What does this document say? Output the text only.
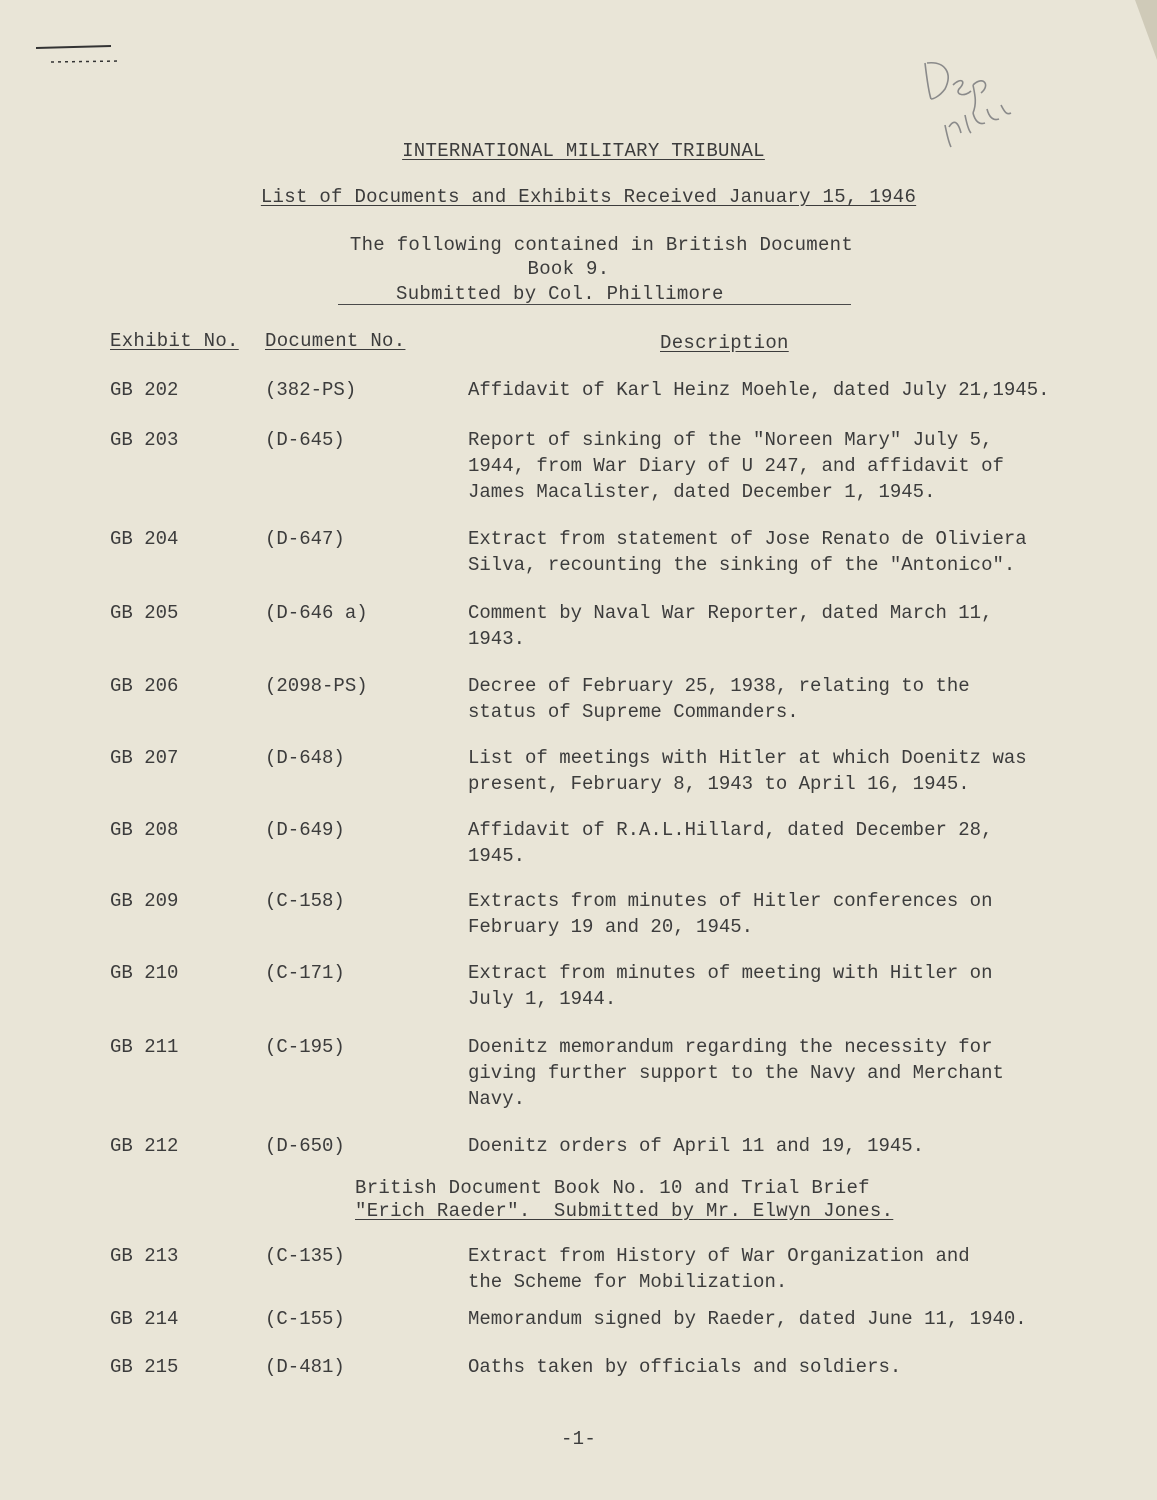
INTERNATIONAL MILITARY TRIBUNAL
List of Documents and Exhibits Received January 15, 1946
The following contained in British Document
Book 9.
Submitted by Col. Phillimore
Exhibit No. Document No.	Description
GB 202	(382-PS)	Affidavit of Karl Heinz Moehle, dated July 21,1945.
GB 203	(D-645)	Report of sinking of the "Noreen Mary" July 5,
1944, from War Diary of U 247, and affidavit of
James Macalister, dated December 1, 1945.
GB 204	(D-647)	Extract from statement of Jose Renato de Oliviera
Silva, recounting the sinking of the "Antonico".
GB 205	(D-646 a)	Comment by Naval War Reporter, dated March 11,
1943.
GB 206	(2098-PS)	Decree of February 25, 1938, relating to the
status of Supreme Commanders.
GB 207	(D-648)	List of meetings with Hitler at which Doenitz was
present, February 8, 1943 to April 16, 1945.
GB 208	(D-649)	Affidavit of R.A.L.Hillard, dated December 28,
1945.
GB 209	(C-158)	Extracts from minutes of Hitler conferences on
February 19 and 20, 1945.
GB 210	(C-171)	Extract from minutes of meeting with Hitler on
July 1, 1944.
GB 211	(C-195)	Doenitz memorandum regarding the necessity for
giving further support to the Navy and Merchant
Navy.
GB 212	(D-650)	Doenitz orders of April 11 and 19, 1945.
British Document Book No. 10 and Trial Brief
"Erich Raeder".  Submitted by Mr. Elwyn Jones.
GB 213	(C-135)	Extract from History of War Organization and
the Scheme for Mobilization.
GB 214	(C-155)	Memorandum signed by Raeder, dated June 11, 1940.
GB 215	(D-481)	Oaths taken by officials and soldiers.
-1-
